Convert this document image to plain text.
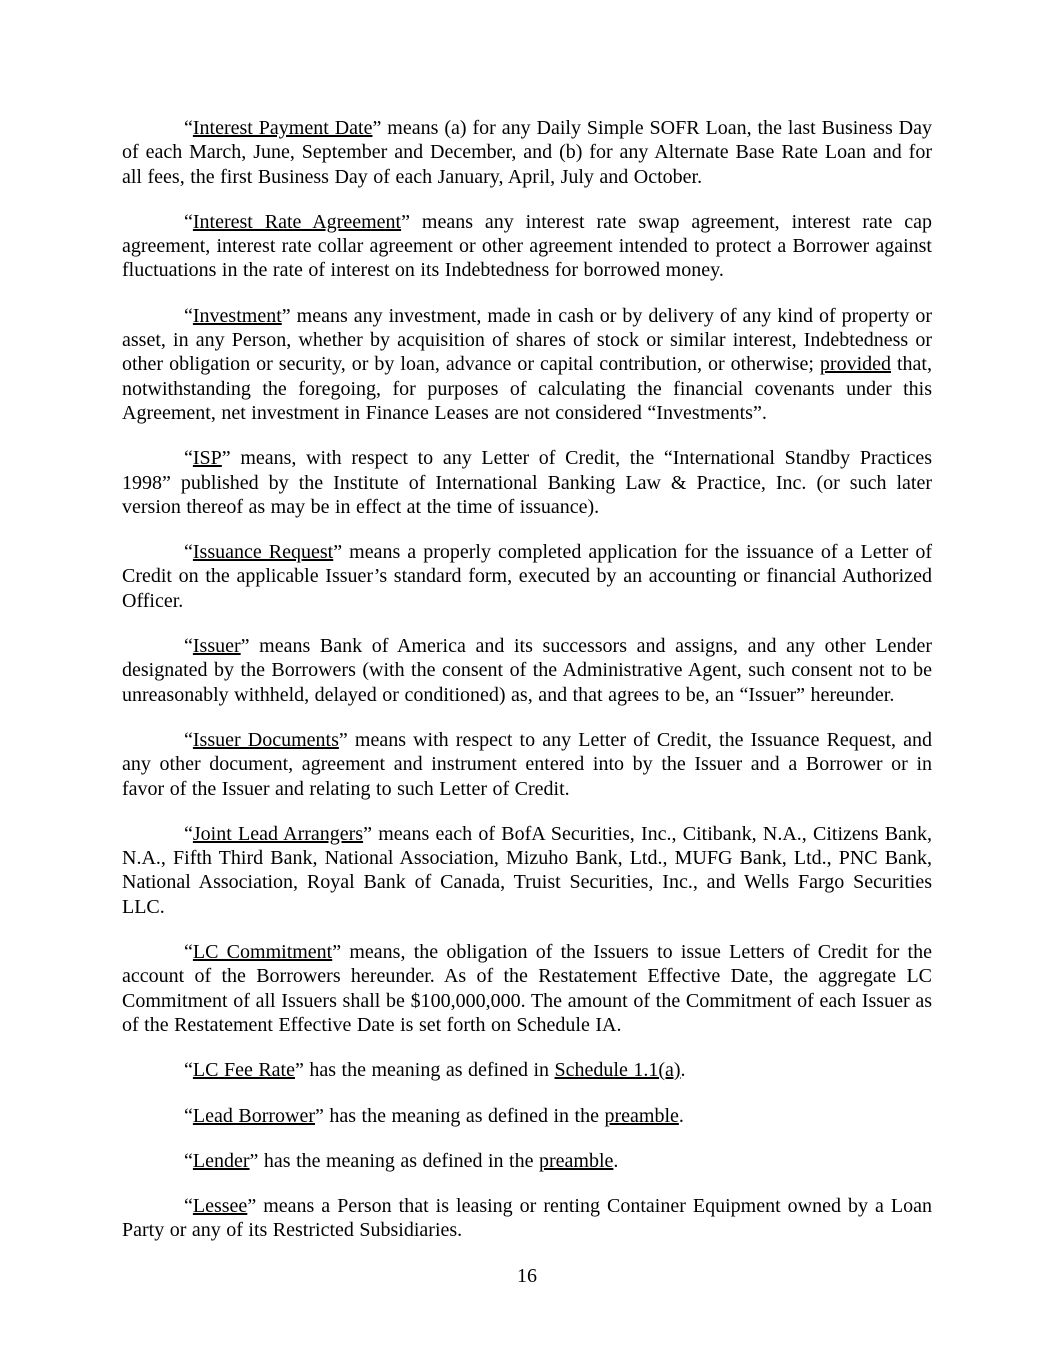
“Interest Payment Date” means (a) for any Daily Simple SOFR Loan, the last Business Day of each March, June, September and December, and (b) for any Alternate Base Rate Loan and for all fees, the first Business Day of each January, April, July and October.

“Interest Rate Agreement” means any interest rate swap agreement, interest rate cap agreement, interest rate collar agreement or other agreement intended to protect a Borrower against fluctuations in the rate of interest on its Indebtedness for borrowed money.

“Investment” means any investment, made in cash or by delivery of any kind of property or asset, in any Person, whether by acquisition of shares of stock or similar interest, Indebtedness or other obligation or security, or by loan, advance or capital contribution, or otherwise; provided that, notwithstanding the foregoing, for purposes of calculating the financial covenants under this Agreement, net investment in Finance Leases are not considered “Investments”.

“ISP” means, with respect to any Letter of Credit, the “International Standby Practices 1998” published by the Institute of International Banking Law & Practice, Inc. (or such later version thereof as may be in effect at the time of issuance).

“Issuance Request” means a properly completed application for the issuance of a Letter of Credit on the applicable Issuer’s standard form, executed by an accounting or financial Authorized Officer.

“Issuer” means Bank of America and its successors and assigns, and any other Lender designated by the Borrowers (with the consent of the Administrative Agent, such consent not to be unreasonably withheld, delayed or conditioned) as, and that agrees to be, an “Issuer” hereunder.

“Issuer Documents” means with respect to any Letter of Credit, the Issuance Request, and any other document, agreement and instrument entered into by the Issuer and a Borrower or in favor of the Issuer and relating to such Letter of Credit.

“Joint Lead Arrangers” means each of BofA Securities, Inc., Citibank, N.A., Citizens Bank, N.A., Fifth Third Bank, National Association, Mizuho Bank, Ltd., MUFG Bank, Ltd., PNC Bank, National Association, Royal Bank of Canada, Truist Securities, Inc., and Wells Fargo Securities LLC.

“LC Commitment” means, the obligation of the Issuers to issue Letters of Credit for the account of the Borrowers hereunder. As of the Restatement Effective Date, the aggregate LC Commitment of all Issuers shall be $100,000,000. The amount of the Commitment of each Issuer as of the Restatement Effective Date is set forth on Schedule IA.

“LC Fee Rate” has the meaning as defined in Schedule 1.1(a).

“Lead Borrower” has the meaning as defined in the preamble.

“Lender” has the meaning as defined in the preamble.

“Lessee” means a Person that is leasing or renting Container Equipment owned by a Loan Party or any of its Restricted Subsidiaries.

16
